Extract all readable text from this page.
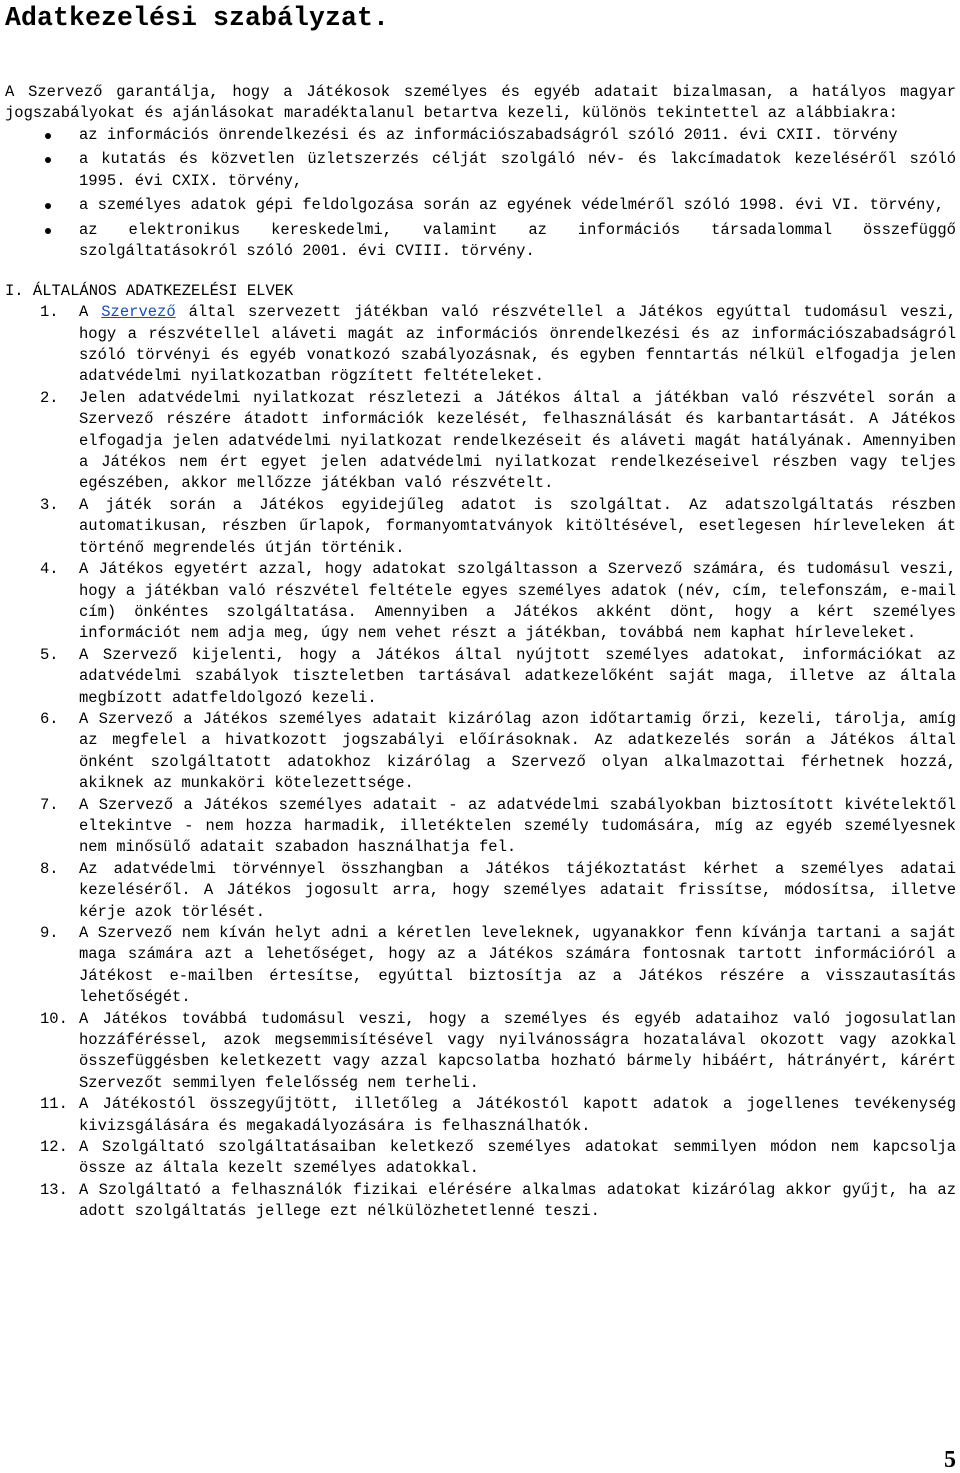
Adatkezelési szabályzat.

A Szervező garantálja, hogy a Játékosok személyes és egyéb adatait bizalmasan, a hatályos magyar jogszabályokat és ajánlásokat maradéktalanul betartva kezeli, különös tekintettel az alábbiakra:

az információs önrendelkezési és az információszabadságról szóló 2011. évi CXII. törvény
a kutatás és közvetlen üzletszerzés célját szolgáló név- és lakcímadatok kezeléséről szóló 1995. évi CXIX. törvény,
a személyes adatok gépi feldolgozása során az egyének védelméről szóló 1998. évi VI. törvény,
az elektronikus kereskedelmi, valamint az információs társadalommal összefüggő szolgáltatásokról szóló 2001. évi CVIII. törvény.
I. ÁLTALÁNOS ADATKEZELÉSI ELVEK
1. A Szervező által szervezett játékban való részvétellel a Játékos egyúttal tudomásul veszi, hogy a részvétellel aláveti magát az információs önrendelkezési és az információszabadságról szóló törvényi és egyéb vonatkozó szabályozásnak, és egyben fenntartás nélkül elfogadja jelen adatvédelmi nyilatkozatban rögzített feltételeket.
2. Jelen adatvédelmi nyilatkozat részletezi a Játékos által a játékban való részvétel során a Szervező részére átadott információk kezelését, felhasználását és karbantartását. A Játékos elfogadja jelen adatvédelmi nyilatkozat rendelkezéseit és aláveti magát hatályának. Amennyiben a Játékos nem ért egyet jelen adatvédelmi nyilatkozat rendelkezéseivel részben vagy teljes egészében, akkor mellőzze játékban való részvételt.
3. A játék során a Játékos egyidejűleg adatot is szolgáltat. Az adatszolgáltatás részben automatikusan, részben űrlapok, formanyomtatványok kitöltésével, esetlegesen hírleveleken át történő megrendelés útján történik.
4. A Játékos egyetért azzal, hogy adatokat szolgáltasson a Szervező számára, és tudomásul veszi, hogy a játékban való részvétel feltétele egyes személyes adatok (név, cím, telefonszám, e-mail cím) önkéntes szolgáltatása. Amennyiben a Játékos akként dönt, hogy a kért személyes információt nem adja meg, úgy nem vehet részt a játékban, továbbá nem kaphat hírleveleket.
5. A Szervező kijelenti, hogy a Játékos által nyújtott személyes adatokat, információkat az adatvédelmi szabályok tiszteletben tartásával adatkezelőként saját maga, illetve az általa megbízott adatfeldolgozó kezeli.
6. A Szervező a Játékos személyes adatait kizárólag azon időtartamig őrzi, kezeli, tárolja, amíg az megfelel a hivatkozott jogszabályi előírásoknak. Az adatkezelés során a Játékos által önként szolgáltatott adatokhoz kizárólag a Szervező olyan alkalmazottai férhetnek hozzá, akiknek az munkaköri kötelezettsége.
7. A Szervező a Játékos személyes adatait - az adatvédelmi szabályokban biztosított kivételektől eltekintve - nem hozza harmadik, illetéktelen személy tudomására, míg az egyéb személyesnek nem minősülő adatait szabadon használhatja fel.
8. Az adatvédelmi törvénnyel összhangban a Játékos tájékoztatást kérhet a személyes adatai kezeléséről. A Játékos jogosult arra, hogy személyes adatait frissítse, módosítsa, illetve kérje azok törlését.
9. A Szervező nem kíván helyt adni a kéretlen leveleknek, ugyanakkor fenn kívánja tartani a saját maga számára azt a lehetőséget, hogy az a Játékos számára fontosnak tartott információról a Játékost e-mailben értesítse, egyúttal biztosítja az a Játékos részére a visszautasítás lehetőségét.
10. A Játékos továbbá tudomásul veszi, hogy a személyes és egyéb adataihoz való jogosulatlan hozzáféréssel, azok megsemmisítésével vagy nyilvánosságra hozatalával okozott vagy azokkal összefüggésben keletkezett vagy azzal kapcsolatba hozható bármely hibáért, hátrányért, kárért Szervezőt semmilyen felelősség nem terheli.
11. A Játékostól összegyűjtött, illetőleg a Játékostól kapott adatok a jogellenes tevékenység kivizsgálására és megakadályozására is felhasználhatók.
12. A Szolgáltató szolgáltatásaiban keletkező személyes adatokat semmilyen módon nem kapcsolja össze az általa kezelt személyes adatokkal.
13. A Szolgáltató a felhasználók fizikai elérésére alkalmas adatokat kizárólag akkor gyűjt, ha az adott szolgáltatás jellege ezt nélkülözhetetlenné teszi.
5
